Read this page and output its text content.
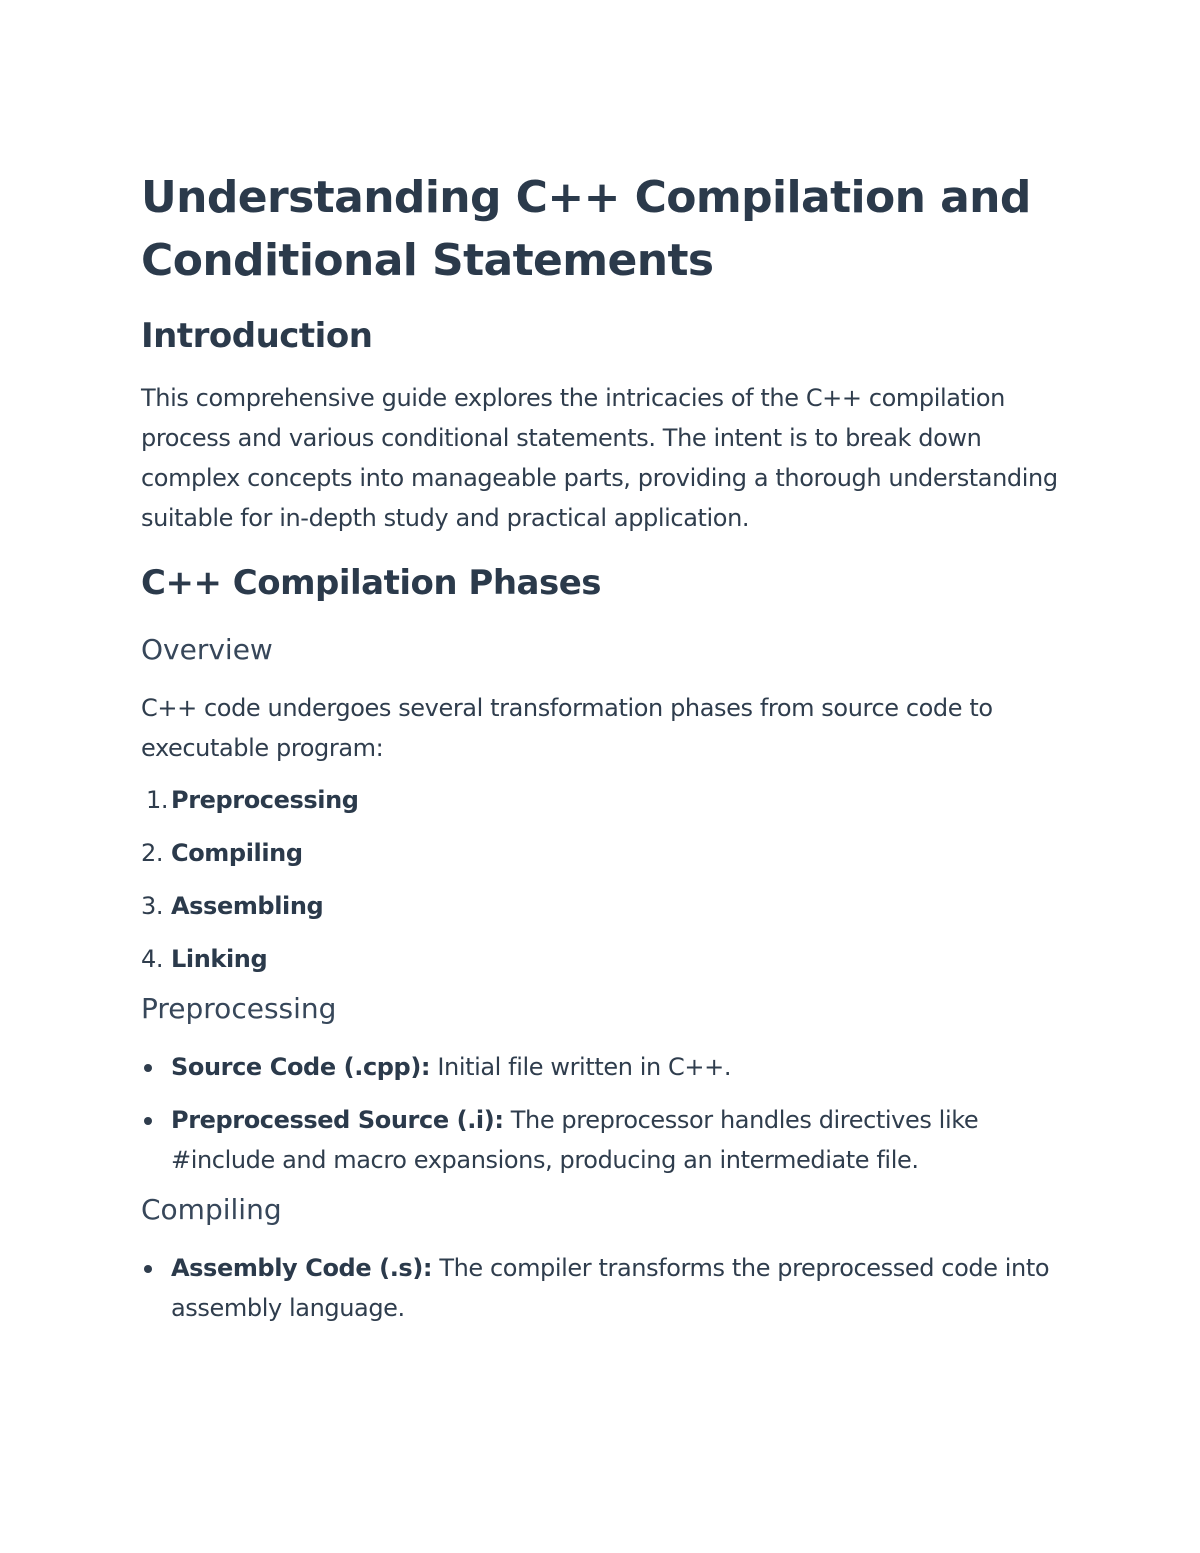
Understanding C++ Compilation and Conditional Statements
Introduction

This comprehensive guide explores the intricacies of the C++ compilation process and various conditional statements. The intent is to break down complex concepts into manageable parts, providing a thorough understanding suitable for in-depth study and practical application.

C++ Compilation Phases
Overview

C++ code undergoes several transformation phases from source code to executable program:

1. Preprocessing
2. Compiling
3. Assembling
4. Linking
Preprocessing
Source Code (.cpp): Initial file written in C++.
Preprocessed Source (.i): The preprocessor handles directives like #include and macro expansions, producing an intermediate file.
Compiling
Assembly Code (.s): The compiler transforms the preprocessed code into assembly language.
